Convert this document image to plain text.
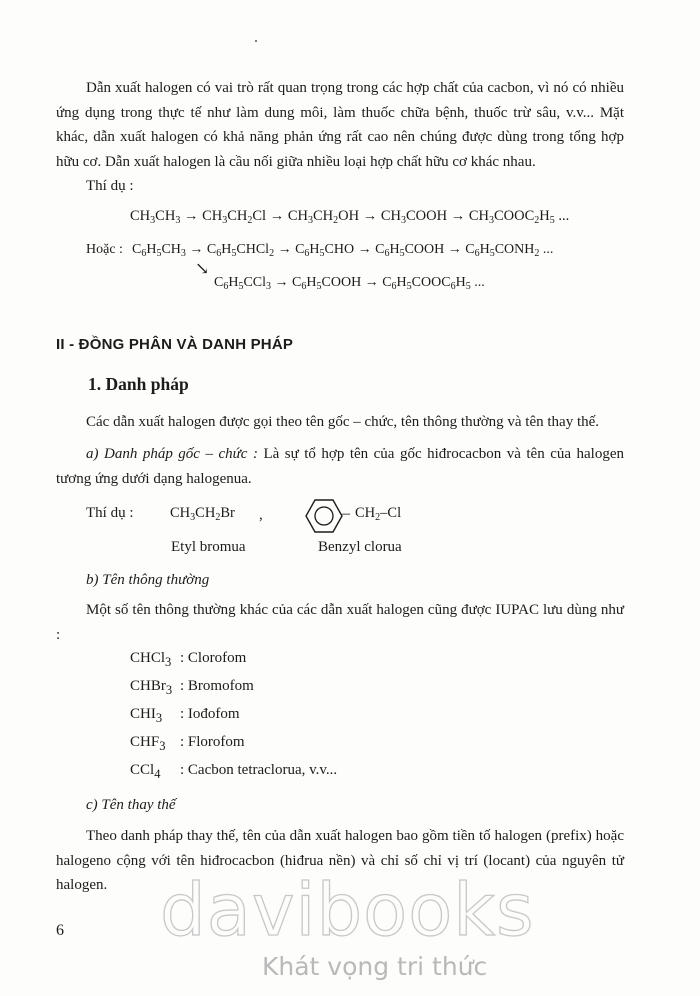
Dẫn xuất halogen có vai trò rất quan trọng trong các hợp chất của cacbon, vì nó có nhiều ứng dụng trong thực tế như làm dung môi, làm thuốc chữa bệnh, thuốc trừ sâu, v.v... Mặt khác, dẫn xuất halogen có khả năng phản ứng rất cao nên chúng được dùng trong tổng hợp hữu cơ. Dẫn xuất halogen là cầu nối giữa nhiều loại hợp chất hữu cơ khác nhau.
Thí dụ :
$CH_3CH_3 \to CH_3CH_2Cl \to CH_3CH_2OH$ → $CH_3COOH$ → $CH_3COOC_2H_5$ ...
Hoặc : $C_6H_5CH_3$ → $C_6H_5CHCl_2 \to C_6H_5CHO$ → $C_6H_5COOH$ → $C_6H_5CONH_2$ ...
↘
$C_6H_5CCl_3$ → $C_6H_5COOH$ → $C_6H_5COOC_6H_5$ ...
II - ĐỒNG PHÂN VÀ DANH PHÁP
1. Danh pháp
Các dẫn xuất halogen được gọi theo tên gốc – chức, tên thông thường và tên thay thế.
a) Danh pháp gốc – chức : Là sự tổ hợp tên của gốc hiđrocacbon và tên của halogen tương ứng dưới dạng halogenua.
Thí dụ :	$CH_3CH_2Br$ ,	– $CH_2-Cl$
Etyl bromua	Benzyl clorua
b) Tên thông thường
Một số tên thông thường khác của các dẫn xuất halogen cũng được IUPAC lưu dùng như :
CHCl$_3$ : Clorofom
CHBr$_3$ : Bromofom
$CHI_3$ : Iođofom
$CHF_3$ : Florofom
CCl$_4$ : Cacbon tetraclorua, v.v...
c) Tên thay thế
Theo danh pháp thay thế, tên của dẫn xuất halogen bao gồm tiền tố halogen (prefix) hoặc halogeno cộng với tên hiđrocacbon (hiđrua nền) và chỉ số chỉ vị trí (locant) của nguyên tử halogen.
6 davibooks
Khát vọng tri thức
